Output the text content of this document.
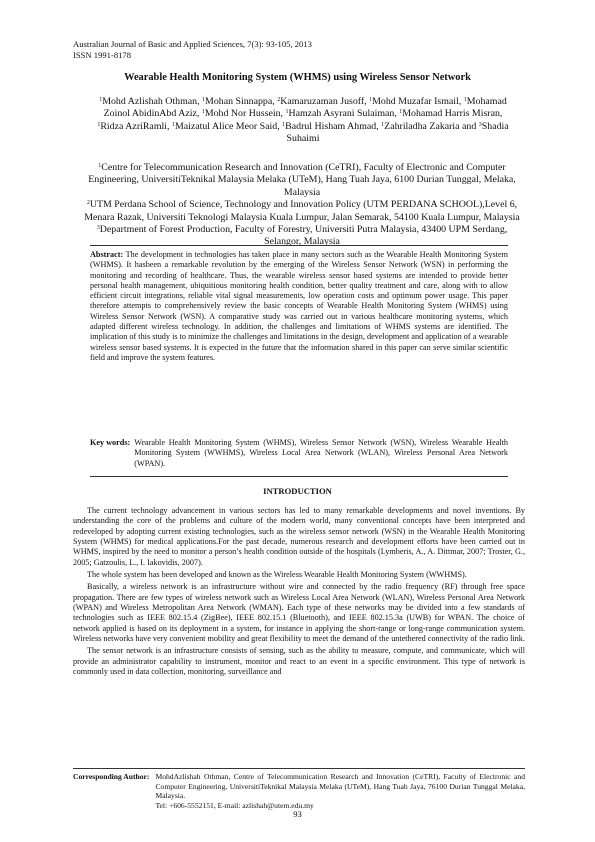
Australian Journal of Basic and Applied Sciences, 7(3): 93-105, 2013
ISSN 1991-8178
Wearable Health Monitoring System (WHMS) using Wireless Sensor Network
$^1$Mohd Azlishah Othman, $^1$Mohan Sinnappa, $^2$Kamaruzaman Jusoff, $^1$Mohd Muzafar Ismail, $^1$Mohamad Zoinol AbidinAbd Aziz, $^1$Mohd Nor Hussein, $^1$Hamzah Asyrani Sulaiman, $^1$Mohamad Harris Misran, $^1$Ridza AzriRamli, $^1$Maizatul Alice Meor Said, $^1$Badrul Hisham Ahmad, $^1$Zahriladha Zakaria and $^3$Shadia Suhaimi

$^1$Centre for Telecommunication Research and Innovation (CeTRI), Faculty of Electronic and Computer Engineering, UniversitiTeknikal Malaysia Melaka (UTeM), Hang Tuah Jaya, 6100 Durian Tunggal, Melaka, Malaysia

$^2$UTM Perdana School of Science, Technology and Innovation Policy (UTM PERDANA SCHOOL),Level 6, Menara Razak, Universiti Teknologi Malaysia Kuala Lumpur, Jalan Semarak, 54100 Kuala Lumpur, Malaysia

$^3$Department of Forest Production, Faculty of Forestry, Universiti Putra Malaysia, 43400 UPM Serdang, Selangor, Malaysia

Abstract: The development in technologies has taken place in many sectors such as the Wearable Health Monitoring System (WHMS). It hasbeen a remarkable revolution by the emerging of the Wireless Sensor Network (WSN) in performing the monitoring and recording of healthcare. Thus, the wearable wireless sensor based systems are intended to provide better personal health management, ubiquitious monitoring health condition, better quality treatment and care, along with to allow efficient circuit integrations, reliable vital signal measurements, low operation costs and optimum power usage. This paper therefore attempts to comprehensively review the basic concepts of Wearable Health Monitoring System (WHMS) using Wireless Sensor Network (WSN). A comparative study was carried out in various healthcare monitoring systems, which adapted different wireless technology. In addition, the challenges and limitations of WHMS systems are identified. The implication of this study is to minimize the challenges and limitations in the design, development and application of a wearable wireless sensor based systems. It is expected in the future that the information shared in this paper can serve similar scientific field and improve the system features.
Key words: Wearable Health Monitoring System (WHMS), Wireless Sensor Network (WSN), Wireless Wearable Health Monitoring System (WWHMS), Wireless Local Area Network (WLAN), Wireless Personal Area Network (WPAN).
INTRODUCTION

The current technology advancement in various sectors has led to many remarkable developments and novel inventions. By understanding the core of the problems and culture of the modern world, many conventional concepts have been interpreted and redeveloped by adopting current existing technologies, such as the wireless sensor network (WSN) in the Wearable Health Monitoring System (WHMS) for medical applications.For the past decade, numerous research and development efforts have been carried out in WHMS, inspired by the need to monitor a person’s health condition outside of the hospitals (Lymberis, A., A. Dittmar, 2007; Troster, G., 2005; Gatzoulis, L., I. Iakovidis, 2007).

The whole system has been developed and known as the Wireless Wearable Health Monitoring System (WWHMS).

Basically, a wireless network is an infrastructure without wire and connected by the radio frequency (RF) through free space propagation. There are few types of wireless network such as Wireless Local Area Network (WLAN), Wireless Personal Area Network (WPAN) and Wireless Metropolitan Area Network (WMAN). Each type of these networks may be divided into a few standards of technologies such as IEEE 802.15.4 (ZigBee), IEEE 802.15.1 (Bluetooth), and IEEE 802.15.3a (UWB) for WPAN. The choice of network applied is based on its deployment in a system, for instance in applying the short-range or long-range communication system. Wireless networks have very convenient mobility and great flexibility to meet the demand of the untethered connectivity of the radio link.

The sensor network is an infrastructure consists of sensing, such as the ability to measure, compute, and communicate, which will provide an administrator capability to instrument, monitor and react to an event in a specific environment. This type of network is commonly used in data collection, monitoring, surveillance and

Corresponding Author: MohdAzlishah Othman, Centre of Telecommunication Research and Innovation (CeTRI), Faculty of Electronic and Computer Engineering, UniversitiTeknikal Malaysia Melaka (UTeM), Hang Tuah Jaya, 76100 Durian Tunggal Melaka, Malaysia.
Tel: +606-5552151, E-mail: azlishah@utem.edu.my
93
